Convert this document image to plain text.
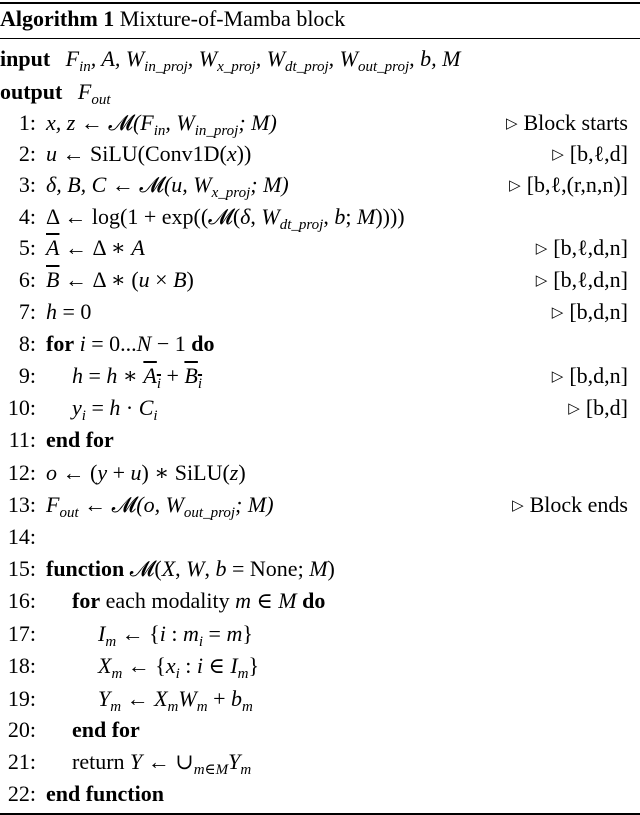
Algorithm 1 Mixture-of-Mamba block
input $F_{in}$, A, $W_{in\_proj}$, $W_{x\_proj}$, $W_{dt\_proj}$, $W_{out\_proj}$, b, M
output $F_{out}$
1: x, z ← $𝓜(F_{in}$, $W_{in\_proj}$; M)	▷ Block starts
2: u ← SiLU(Conv1D(x))	▷ [b,ℓ,d]
3: δ, B, C ← 𝓜(u, $W_{x\_proj}$; M)	▷ [b,ℓ,(r,n,n)]
4: Δ ← log(1 + exp((𝓜(δ, $W_{dt\_proj}$, b; M))))
5: $\overline{A}$ ← Δ ∗ A	▷ [b,ℓ,d,n]
6: $\overline{B}$ ← Δ ∗ (u × B)	▷ [b,ℓ,d,n]
7: h = 0	▷ [b,d,n]
8: for i = 0...N − 1 do
9: h = h ∗ $A_i + B_i$	▷ [b,d,n]
10: $y_i = h \cdot C_i$	▷ [b,d]
11: end for
12: o ← (y + u) ∗ SiLU(z)
13: $F_{out}$ ← 𝓜(o, $W_{out\_proj}$; M)	▷ Block ends
14:
15: function 𝓜(X, W, b = None; M)
16: for each modality m ∈ M do
17:	$I_m$ ← {i : $m_i = m$}
18:	$X_m$ ← {$x_i$ : i ∈ $I_m$}
19:	$Y_m$ ← $X_mW_m + b_m$
20: end for
21: return Y ← $\cup_{m\in M}Y_m$
22: end function
